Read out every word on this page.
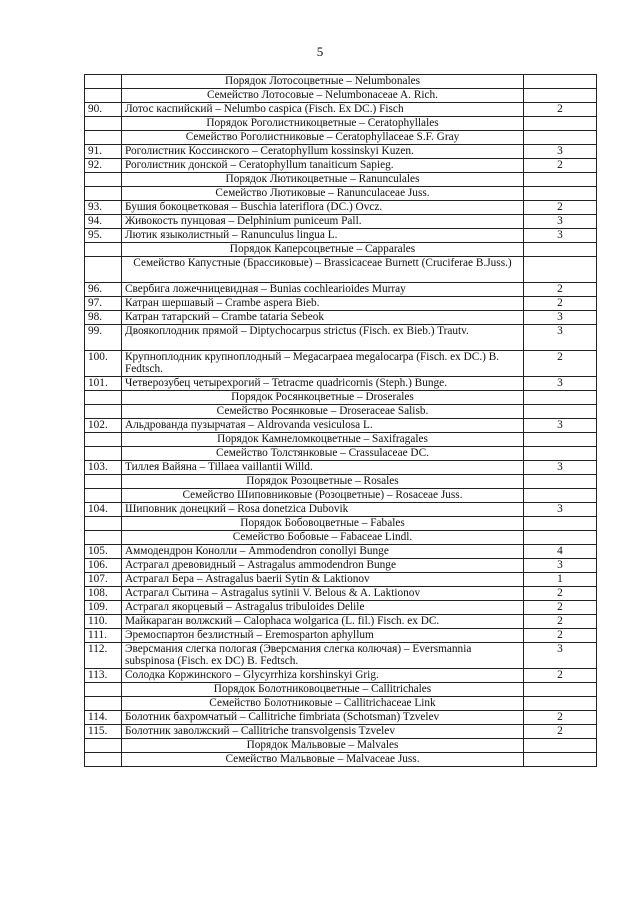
5
	Порядок Лотосоцветные – Nelumbonales	
	Семейство Лотосовые – Nelumbonaceae A. Rich.	
90.	Лотос каспийский – Nelumbo caspica (Fisch. Ex DC.) Fisch	2
	Порядок Роголистникоцветные – Ceratophyllales	
	Семейство Роголистниковые – Ceratophyllaceae S.F. Gray	
91.	Роголистник Коссинского – Ceratophyllum kossinskyi Kuzen.	3
92.	Роголистник донской – Ceratophyllum tanaiticum Sapieg.	2
	Порядок Лютикоцветные – Ranunculales	
	Семейство Лютиковые – Ranunculaceae Juss.	
93.	Бушия бокоцветковая – Buschia lateriflora (DC.) Ovcz.	2
94.	Живокость пунцовая – Delphinium puniceum Pall.	3
95.	Лютик языколистный – Ranunculus lingua L.	3
	Порядок Каперсоцветные – Capparales	
	Семейство Капустные (Брассиковые) – Brassicaceae Burnett (Cruciferae B.Juss.)	
96.	Свербига ложечницевидная – Bunias cochlearioides Murray	2
97.	Катран шершавый – Crambe aspera Bieb.	2
98.	Катран татарский – Crambe tataria Sebeok	3
99.	Двоякоплодник прямой – Diptychocarpus strictus (Fisch. ex Bieb.) Trautv.	3
100.	Крупноплодник крупноплодный – Megacarpaea megalocarpa (Fisch. ex DC.) B. Fedtsch.	2
101.	Четверозубец четырехрогий – Tetracme quadricornis (Steph.) Bunge.	3
	Порядок Росянкоцветные – Droserales	
	Семейство Росянковые – Droseraceae Salisb.	
102.	Альдрованда пузырчатая – Aldrovanda vesiculosa L.	3
	Порядок Камнеломкоцветные – Saxifragales	
	Семейство Толстянковые – Crassulaceae DC.	
103.	Тиллея Вайяна – Tillaea vaillantii Willd.	3
	Порядок Розоцветные – Rosales	
	Семейство Шиповниковые (Розоцветные) – Rosaceae Juss.	
104.	Шиповник донецкий – Rosa donetzica Dubovik	3
	Порядок Бобовоцветные – Fabales	
	Семейство Бобовые – Fabaceae Lindl.	
105.	Аммодендрон Конолли – Ammodendron conollyi Bunge	4
106.	Астрагал древовидный – Astragalus ammodendron Bunge	3
107.	Астрагал Бера – Astragalus baerii Sytin & Laktionov	1
108.	Астрагал Сытина – Astragalus sytinii V. Belous & A. Laktionov	2
109.	Астрагал якорцевый – Astragalus tribuloides Delile	2
110.	Майкараган волжский – Calophaca wolgarica (L. fil.) Fisch. ex DC.	2
111.	Эремоспартон безлистный – Eremosparton aphyllum	2
112.	Эверсмания слегка пологая (Эверсмания слегка колючая) – Eversmannia subspinosa (Fisch. ex DC) B. Fedtsch.	3
113.	Солодка Коржинского – Glycyrrhiza korshinskyi Grig.	2
	Порядок Болотниковоцветные – Callitrichales	
	Семейство Болотниковые – Callitrichaceae Link	
114.	Болотник бахромчатый – Callitriche fimbriata (Schotsman) Tzvelev	2
115.	Болотник заволжский – Callitriche transvolgensis Tzvelev	2
	Порядок Мальвовые – Malvales	
	Семейство Мальвовые – Malvaceae Juss.	
